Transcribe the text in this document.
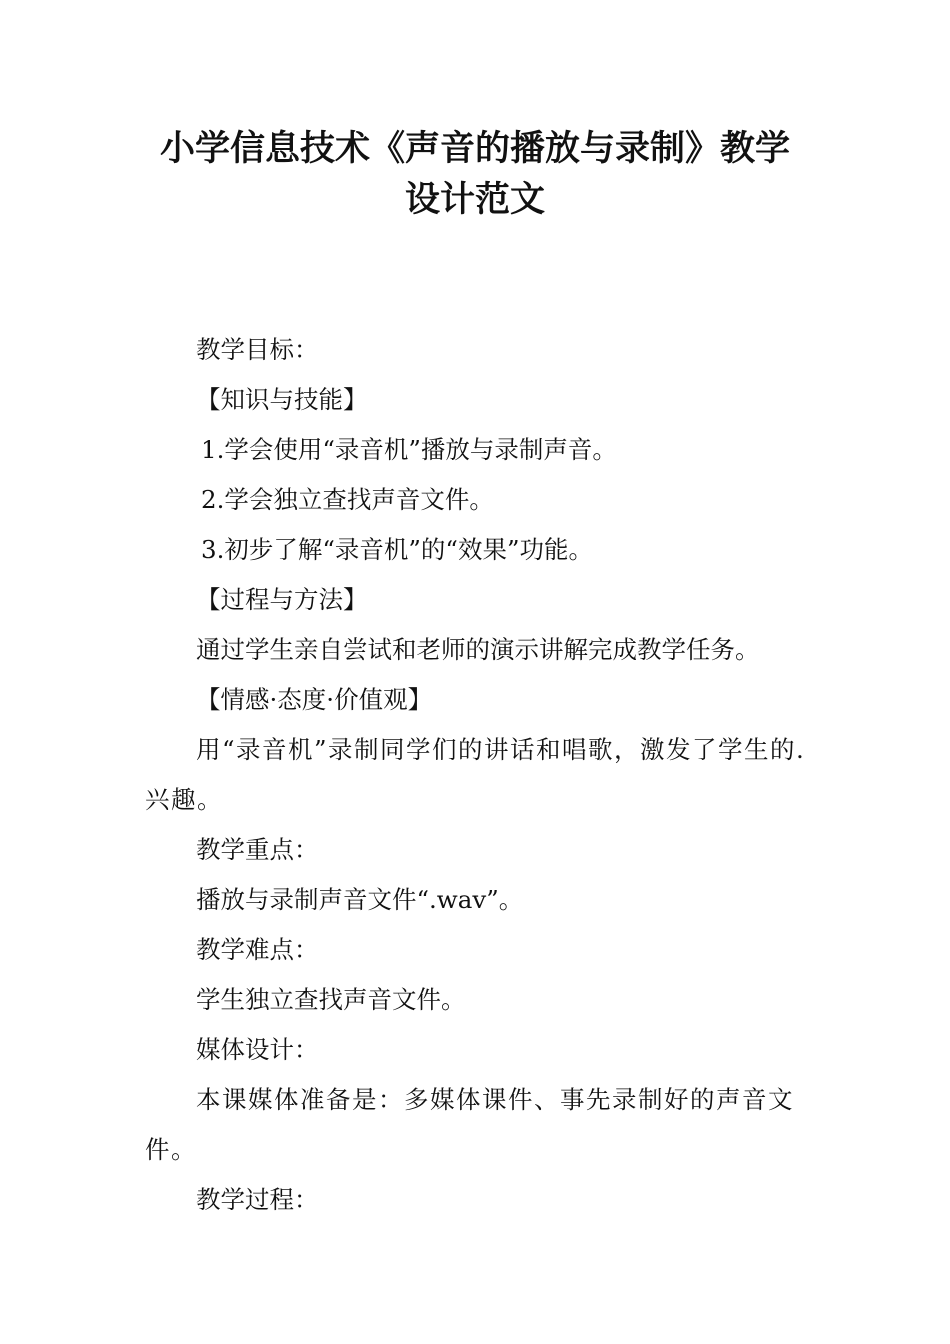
小学信息技术《声音的播放与录制》教学
设计范文

教学目标：

【知识与技能】

1.学会使用“录音机”播放与录制声音。

2.学会独立查找声音文件。

3.初步了解“录音机”的“效果”功能。

【过程与方法】

通过学生亲自尝试和老师的演示讲解完成教学任务。

【情感·态度·价值观】

用“录音机”录制同学们的讲话和唱歌，激发了学生的.兴趣。

教学重点：

播放与录制声音文件“.wav”。

教学难点：

学生独立查找声音文件。

媒体设计：

本课媒体准备是：多媒体课件、事先录制好的声音文件。

教学过程：
